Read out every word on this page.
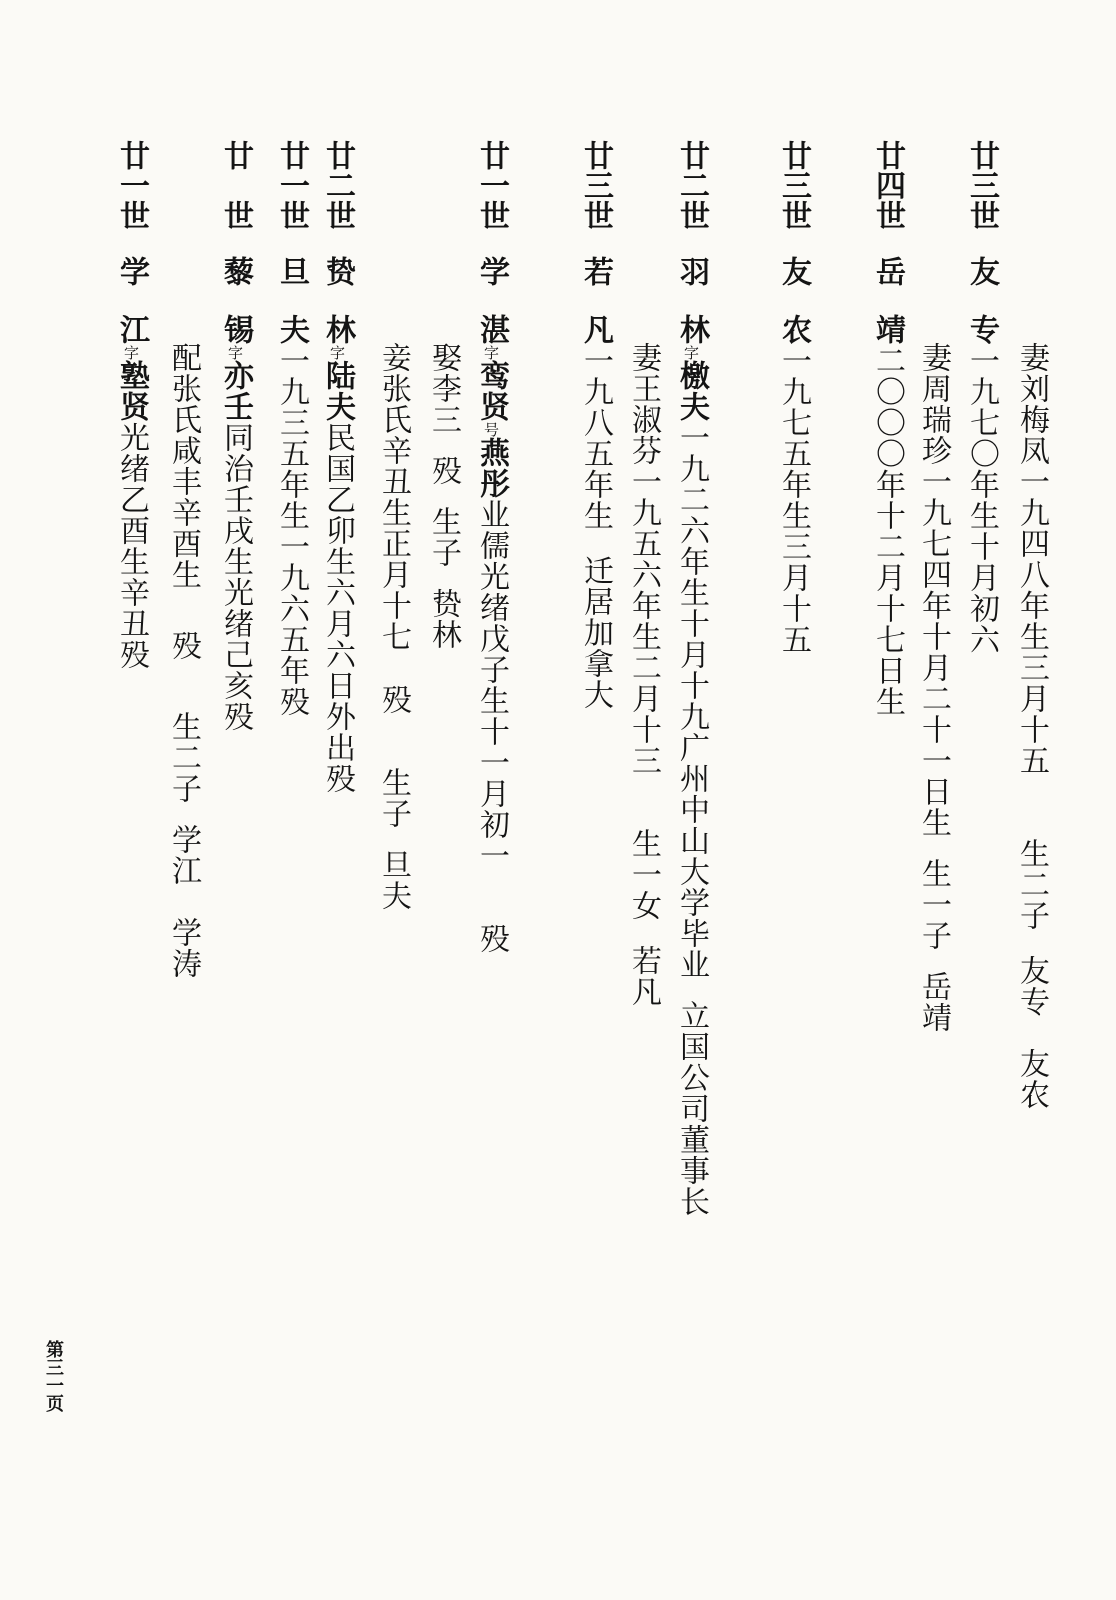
妻刘梅凤一九四八年生三月十五生二子友专　友农
廿三世
友
专一九七〇年生十月初六
妻周瑞珍一九七四年十月二十一日生生一子岳靖
廿四世
岳
靖二〇〇〇年十二月十七日生
廿三世
友
农一九七五年生三月十五
廿二世
羽
林字檄夫一九二六年生十月十九广州中山大学毕业立国公司董事长
妻王淑芬一九五六年生二月十三生一女若凡
廿三世
若
凡一九八五年生迁居加拿大
廿一世
学
湛字鸾贤号燕彤业儒光绪戊子生十一月初一殁
娶李三殁生子贽林
廿二世
贽
林字陆夫民国乙卯生六月六日外出殁 妾张氏辛丑生正月十七殁生子旦夫
廿一世
旦
夫一九三五年生一九六五年殁
廿世
藜
锡字亦壬同治壬戌生光绪己亥殁
配张氏咸丰辛酉生殁生二子学江　学涛
廿一世
学
江字塾贤光绪乙酉生辛丑殁
第三一页
